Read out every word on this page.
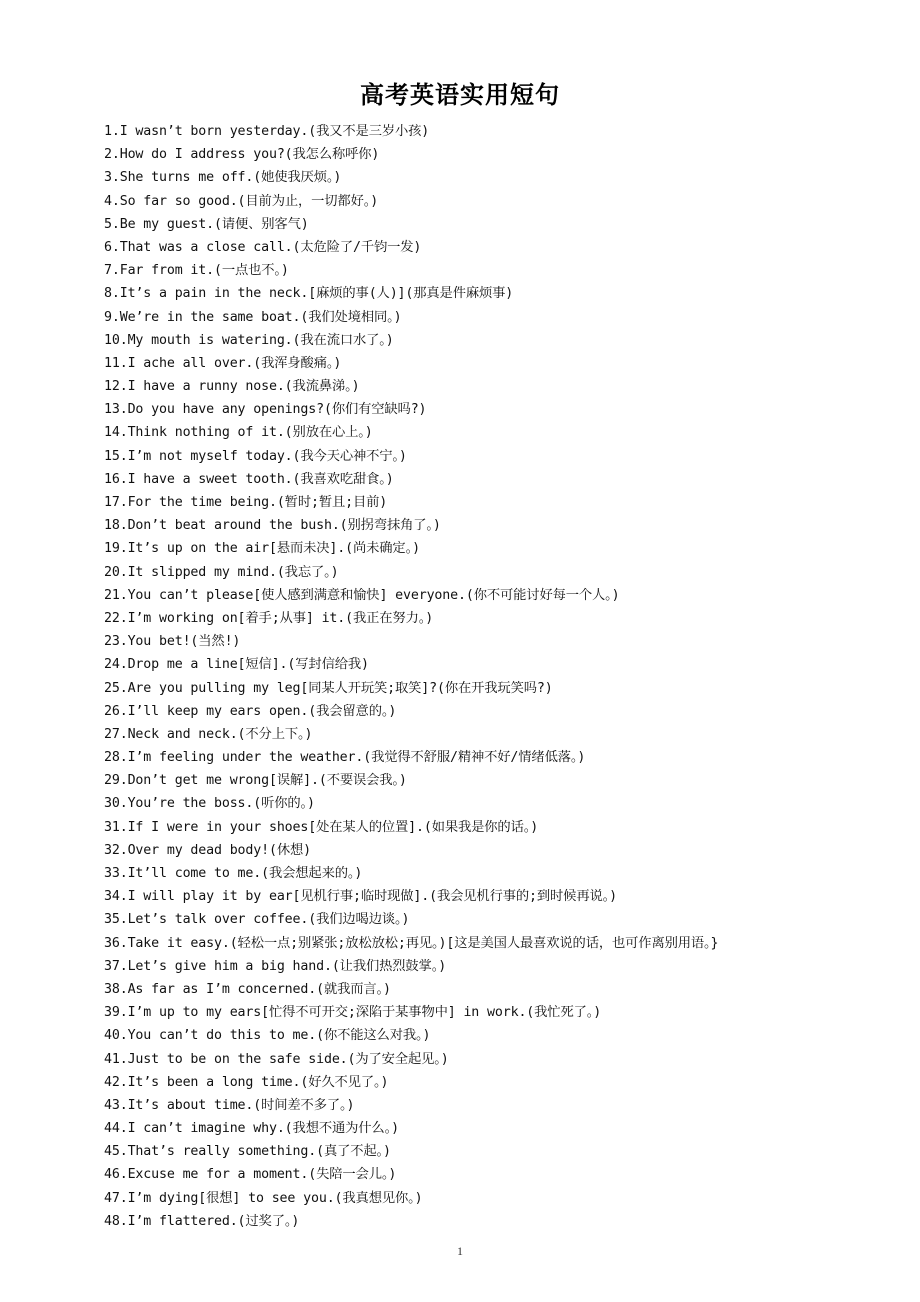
高考英语实用短句
1.I wasn’t born yesterday.(我又不是三岁小孩)
2.How do I address you?(我怎么称呼你)
3.She turns me off.(她使我厌烦。)
4.So far so good.(目前为止，一切都好。)
5.Be my guest.(请便、别客气)
6.That was a close call.(太危险了/千钧一发)
7.Far from it.(一点也不。)
8.It’s a pain in the neck.[麻烦的事(人)](那真是件麻烦事)
9.We’re in the same boat.(我们处境相同。)
10.My mouth is watering.(我在流口水了。)
11.I ache all over.(我浑身酸痛。)
12.I have a runny nose.(我流鼻涕。)
13.Do you have any openings?(你们有空缺吗?)
14.Think nothing of it.(别放在心上。)
15.I’m not myself today.(我今天心神不宁。)
16.I have a sweet tooth.(我喜欢吃甜食。)
17.For the time being.(暂时;暂且;目前)
18.Don’t beat around the bush.(别拐弯抹角了。)
19.It’s up on the air[悬而未决].(尚未确定。)
20.It slipped my mind.(我忘了。)
21.You can’t please[使人感到满意和愉快] everyone.(你不可能讨好每一个人。)
22.I’m working on[着手;从事] it.(我正在努力。)
23.You bet!(当然!)
24.Drop me a line[短信].(写封信给我)
25.Are you pulling my leg[同某人开玩笑;取笑]?(你在开我玩笑吗?)
26.I’ll keep my ears open.(我会留意的。)
27.Neck and neck.(不分上下。)
28.I’m feeling under the weather.(我觉得不舒服/精神不好/情绪低落。)
29.Don’t get me wrong[误解].(不要误会我。)
30.You’re the boss.(听你的。)
31.If I were in your shoes[处在某人的位置].(如果我是你的话。)
32.Over my dead body!(休想)
33.It’ll come to me.(我会想起来的。)
34.I will play it by ear[见机行事;临时现做].(我会见机行事的;到时候再说。)
35.Let’s talk over coffee.(我们边喝边谈。)
36.Take it easy.(轻松一点;别紧张;放松放松;再见。)[这是美国人最喜欢说的话，也可作离别用语。}
37.Let’s give him a big hand.(让我们热烈鼓掌。)
38.As far as I’m concerned.(就我而言。)
39.I’m up to my ears[忙得不可开交;深陷于某事物中] in work.(我忙死了。)
40.You can’t do this to me.(你不能这么对我。)
41.Just to be on the safe side.(为了安全起见。)
42.It’s been a long time.(好久不见了。)
43.It’s about time.(时间差不多了。)
44.I can’t imagine why.(我想不通为什么。)
45.That’s really something.(真了不起。)
46.Excuse me for a moment.(失陪一会儿。)
47.I’m dying[很想] to see you.(我真想见你。)
48.I’m flattered.(过奖了。)
1
